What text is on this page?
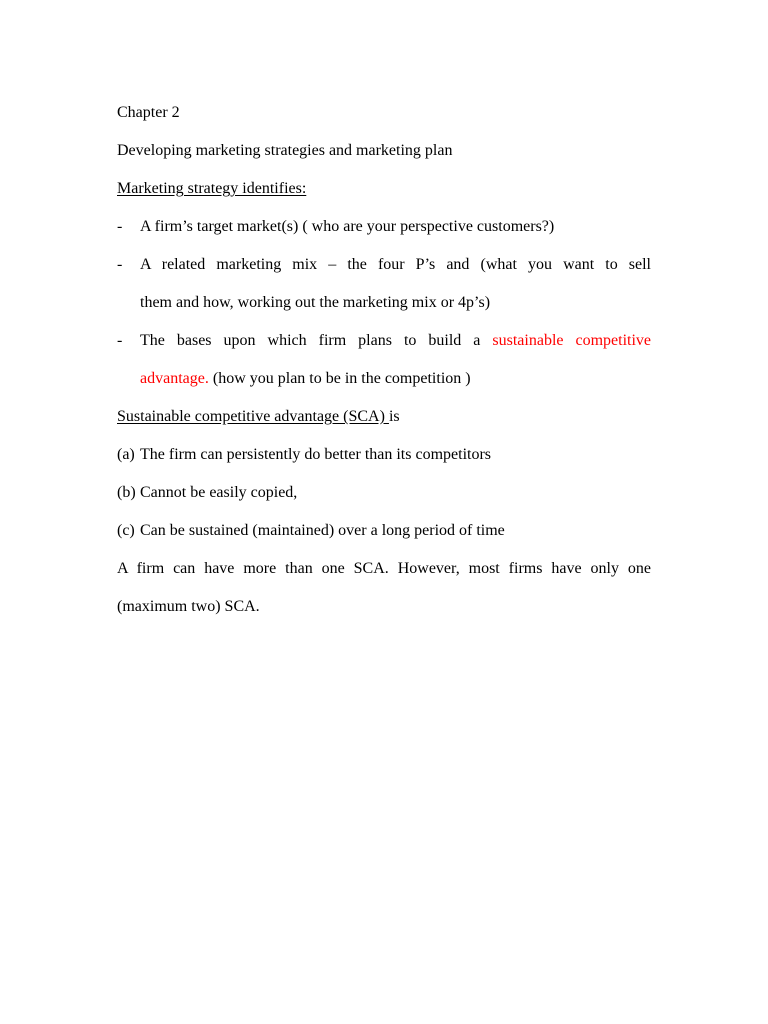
Chapter 2
Developing marketing strategies and marketing plan
Marketing strategy identifies:
- A firm’s target market(s) ( who are your perspective customers?)
- A related marketing mix – the four P’s and (what you want to sell
them and how, working out the marketing mix or 4p’s)
- The bases upon which firm plans to build a sustainable competitive
advantage. (how you plan to be in the competition )
Sustainable competitive advantage (SCA) is
(a) The firm can persistently do better than its competitors
(b) Cannot be easily copied,
(c) Can be sustained (maintained) over a long period of time
A firm can have more than one SCA. However, most firms have only one
(maximum two) SCA.
